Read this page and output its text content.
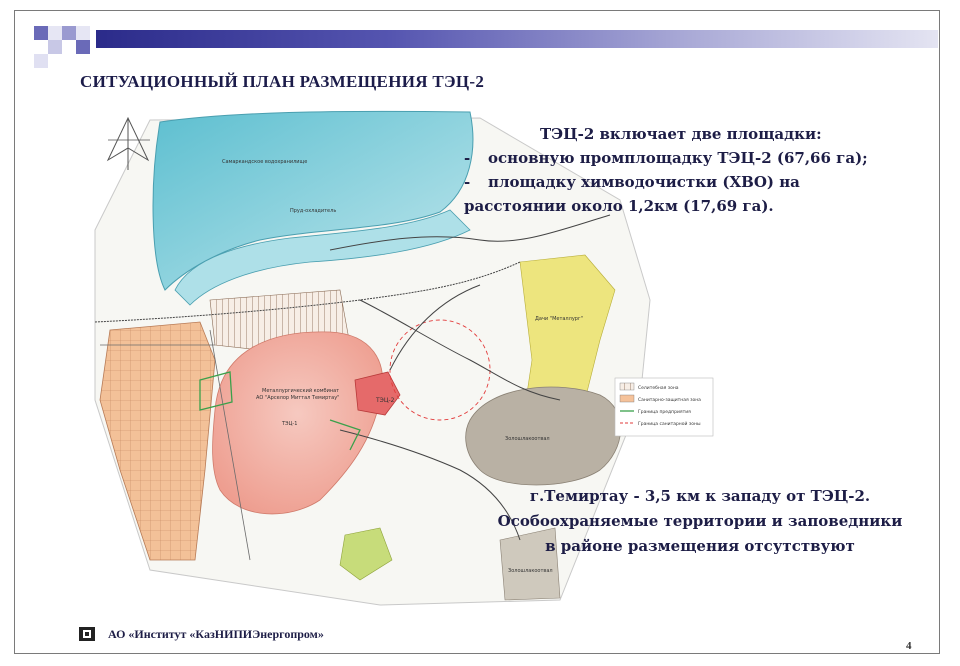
СИТУАЦИОННЫЙ ПЛАН РАЗМЕЩЕНИЯ ТЭЦ-2
Самаркандское водохранилище
Пруд-охладитель
Металлургический комбинат
АО "Арселор Миттал Темиртау"
ТЭЦ-1
ТЭЦ-2
Дачи "Металлург"
Золошлакоотвал
Золошлакоотвал
Селитебная зона
Санитарно-защитная зона
Граница предприятия
Граница санитарной зоны
ТЭЦ-2 включает две площадки:
- основную промплощадку ТЭЦ-2 (67,66 га);
- площадку химводочистки (ХВО) на
расстоянии около 1,2км (17,69 га).
г.Темиртау - 3,5 км к западу от ТЭЦ-2.
Особоохраняемые территории и заповедники
в районе размещения отсутствуют
АО «Институт «КазНИПИЭнергопром»
4
